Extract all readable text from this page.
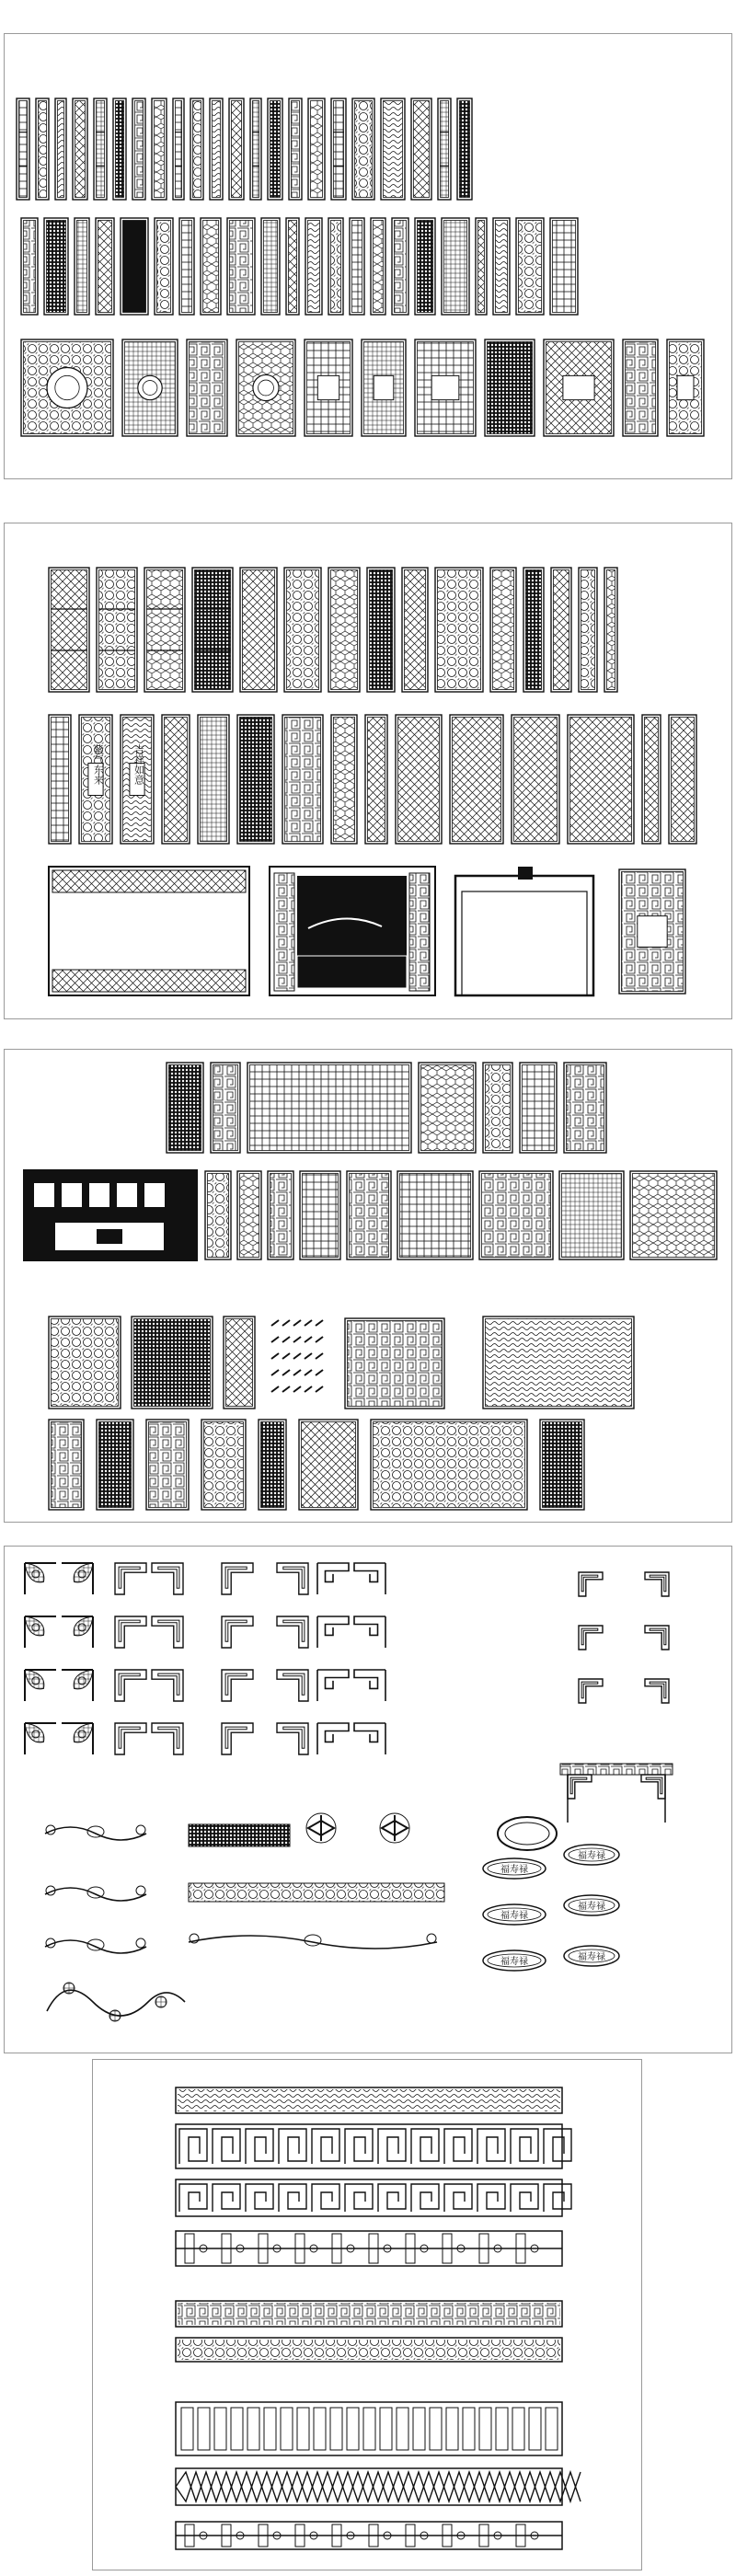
紫气东来	吉祥如意
福寿禄
福寿禄
福寿禄
福寿禄
福寿禄	福寿禄
